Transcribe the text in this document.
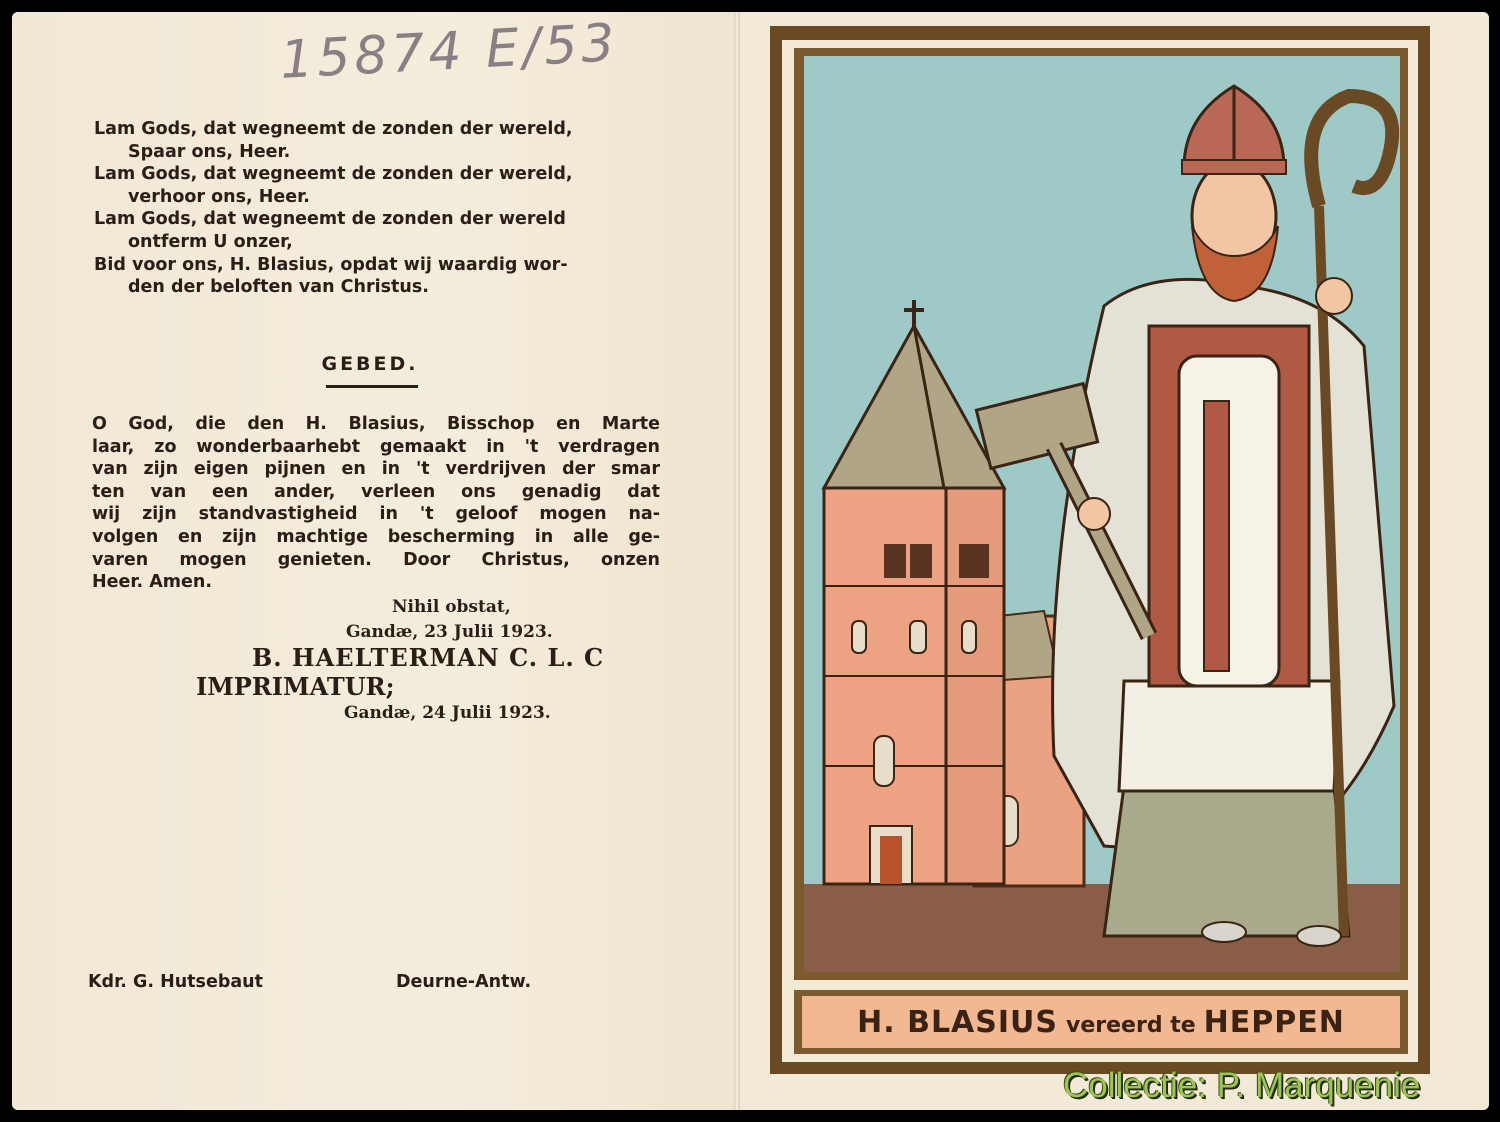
15874 E/53

Lam Gods, dat wegneemt de zonden der wereld,

Spaar ons, Heer.

Lam Gods, dat wegneemt de zonden der wereld,

verhoor ons, Heer.

Lam Gods, dat wegneemt de zonden der wereld

ontferm U onzer,

Bid voor ons, H. Blasius, opdat wij waardig wor-

den der beloften van Christus.

GEBED.

O God, die den H. Blasius, Bisschop en Marte

laar, zo wonderbaarhebt gemaakt in 't verdragen

van zijn eigen pijnen en in 't verdrijven der smar

ten van een ander, verleen ons genadig dat

wij zijn standvastigheid in 't geloof mogen na-

volgen en zijn machtige bescherming in alle ge-

varen mogen genieten. Door Christus, onzen

Heer. Amen.

Nihil obstat,
Gandæ, 23 Julii 1923.
B. HAELTERMAN C. L. C
IMPRIMATUR;
Gandæ, 24 Julii 1923.
Kdr. G. Hutsebaut	Deurne-Antw.
H. BLASIUS vereerd te HEPPEN
Collectie: P. Marquenie
